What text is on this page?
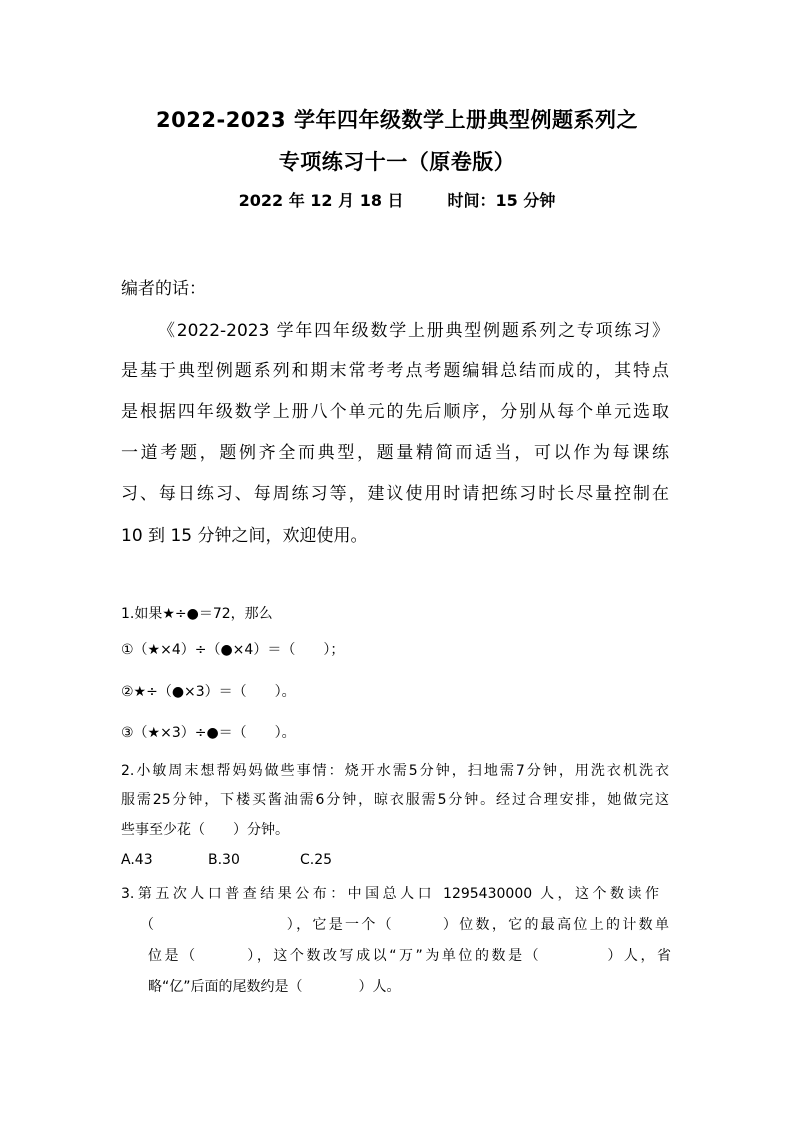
2022-2023 学年四年级数学上册典型例题系列之
专项练习十一（原卷版）
2022 年 12 月 18 日	时间：15 分钟
编者的话：
《2022-2023 学年四年级数学上册典型例题系列之专项练习》
是基于典型例题系列和期末常考考点考题编辑总结而成的，其特点
是根据四年级数学上册八个单元的先后顺序，分别从每个单元选取
一道考题，题例齐全而典型，题量精简而适当，可以作为每课练
习、每日练习、每周练习等，建议使用时请把练习时长尽量控制在
10 到 15 分钟之间，欢迎使用。
1.如果★÷●＝72，那么
①（★×4）÷（●×4）＝（　　）；
②★÷（●×3）＝（　　）。
③（★×3）÷●＝（　　）。
2.小敏周末想帮妈妈做些事情：烧开水需5分钟，扫地需7分钟，用洗衣机洗衣
服需25分钟，下楼买酱油需6分钟，晾衣服需5分钟。经过合理安排，她做完这
些事至少花（　　）分钟。
A.43	B.30	C.25
3.第五次人口普查结果公布：中国总人口 1295430000 人，这个数读作
（　　　　　　　　），它是一个（　　　）位数，它的最高位上的计数单
位是（　　　），这个数改写成以“万”为单位的数是（　　　　）人，省
略“亿”后面的尾数约是（　　　　）人。
